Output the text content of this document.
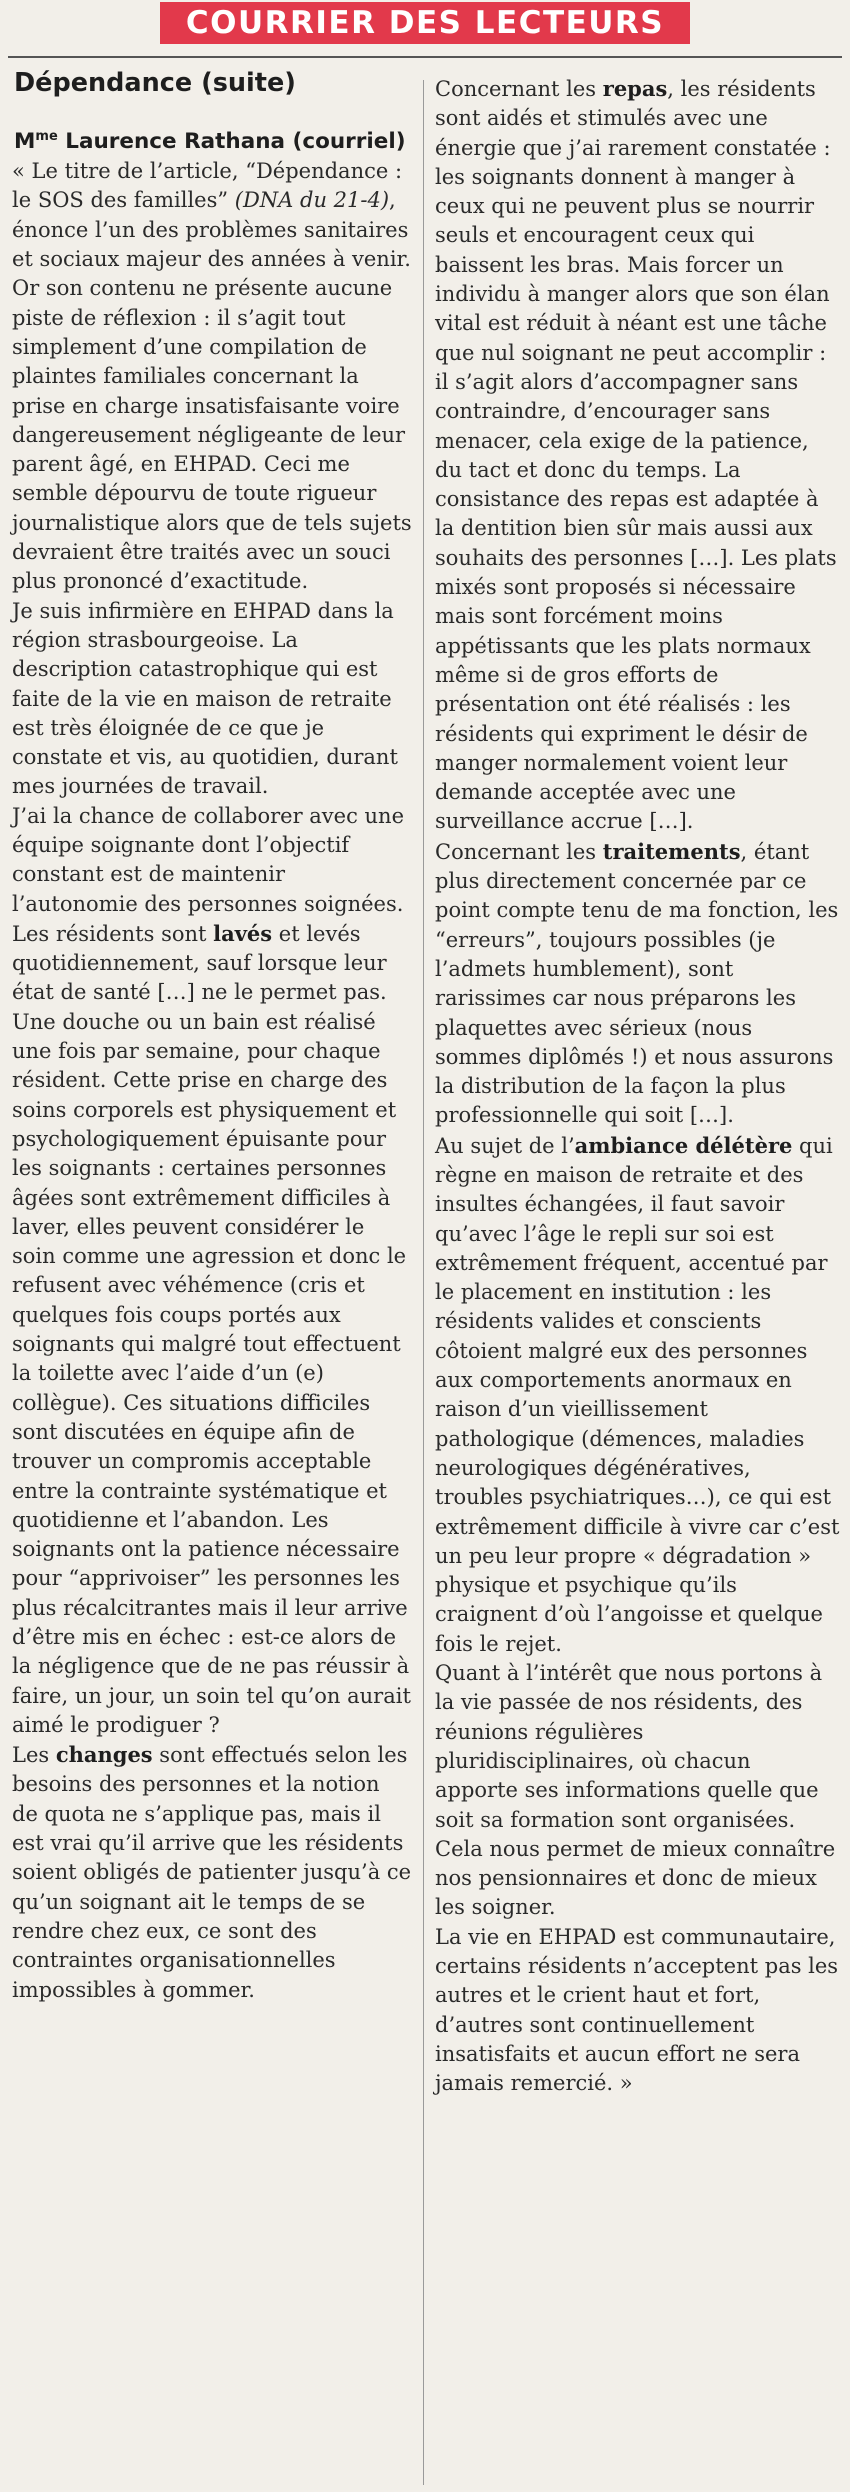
COURRIER DES LECTEURS
Dépendance (suite)
$M^{me}$ Laurence Rathana (courriel)

« Le titre de l’article, “Dépendance : le SOS des familles” (DNA du 21-4), énonce l’un des problèmes sanitaires et sociaux majeur des années à venir. Or son contenu ne présente aucune piste de réflexion : il s’agit tout simplement d’une compilation de plaintes familiales concernant la prise en charge insatisfaisante voire dangereusement négligeante de leur parent âgé, en EHPAD. Ceci me semble dépourvu de toute rigueur journalistique alors que de tels sujets devraient être traités avec un souci plus prononcé d’exactitude.

Je suis infirmière en EHPAD dans la région strasbourgeoise. La description catastrophique qui est faite de la vie en maison de retraite est très éloignée de ce que je constate et vis, au quotidien, durant mes journées de travail.

J’ai la chance de collaborer avec une équipe soignante dont l’objectif constant est de maintenir l’autonomie des personnes soignées.

Les résidents sont lavés et levés quotidiennement, sauf lorsque leur état de santé […] ne le permet pas. Une douche ou un bain est réalisé une fois par semaine, pour chaque résident. Cette prise en charge des soins corporels est physiquement et psychologiquement épuisante pour les soignants : certaines personnes âgées sont extrêmement difficiles à laver, elles peuvent considérer le soin comme une agression et donc le refusent avec véhémence (cris et quelques fois coups portés aux soignants qui malgré tout effectuent la toilette avec l’aide d’un (e) collègue). Ces situations difficiles sont discutées en équipe afin de trouver un compromis acceptable entre la contrainte systématique et quotidienne et l’abandon. Les soignants ont la patience nécessaire pour “apprivoiser” les personnes les plus récalcitrantes mais il leur arrive d’être mis en échec : est-ce alors de la négligence que de ne pas réussir à faire, un jour, un soin tel qu’on aurait aimé le prodiguer ?

Les changes sont effectués selon les besoins des personnes et la notion de quota ne s’applique pas, mais il est vrai qu’il arrive que les résidents soient obligés de patienter jusqu’à ce qu’un soignant ait le temps de se rendre chez eux, ce sont des contraintes organisationnelles impossibles à gommer.

Concernant les repas, les résidents sont aidés et stimulés avec une énergie que j’ai rarement constatée : les soignants donnent à manger à ceux qui ne peuvent plus se nourrir seuls et encouragent ceux qui baissent les bras. Mais forcer un individu à manger alors que son élan vital est réduit à néant est une tâche que nul soignant ne peut accomplir : il s’agit alors d’accompagner sans contraindre, d’encourager sans menacer, cela exige de la patience, du tact et donc du temps. La consistance des repas est adaptée à la dentition bien sûr mais aussi aux souhaits des personnes […]. Les plats mixés sont proposés si nécessaire mais sont forcément moins appétissants que les plats normaux même si de gros efforts de présentation ont été réalisés : les résidents qui expriment le désir de manger normalement voient leur demande acceptée avec une surveillance accrue […].

Concernant les traitements, étant plus directement concernée par ce point compte tenu de ma fonction, les “erreurs”, toujours possibles (je l’admets humblement), sont rarissimes car nous préparons les plaquettes avec sérieux (nous sommes diplômés !) et nous assurons la distribution de la façon la plus professionnelle qui soit […].

Au sujet de l’ambiance délétère qui règne en maison de retraite et des insultes échangées, il faut savoir qu’avec l’âge le repli sur soi est extrêmement fréquent, accentué par le placement en institution : les résidents valides et conscients côtoient malgré eux des personnes aux comportements anormaux en raison d’un vieillissement pathologique (démences, maladies neurologiques dégénératives, troubles psychiatriques…), ce qui est extrêmement difficile à vivre car c’est un peu leur propre « dégradation » physique et psychique qu’ils craignent d’où l’angoisse et quelque fois le rejet.

Quant à l’intérêt que nous portons à la vie passée de nos résidents, des réunions régulières pluridisciplinaires, où chacun apporte ses informations quelle que soit sa formation sont organisées. Cela nous permet de mieux connaître nos pensionnaires et donc de mieux les soigner.

La vie en EHPAD est communautaire, certains résidents n’acceptent pas les autres et le crient haut et fort, d’autres sont continuellement insatisfaits et aucun effort ne sera jamais remercié. »
